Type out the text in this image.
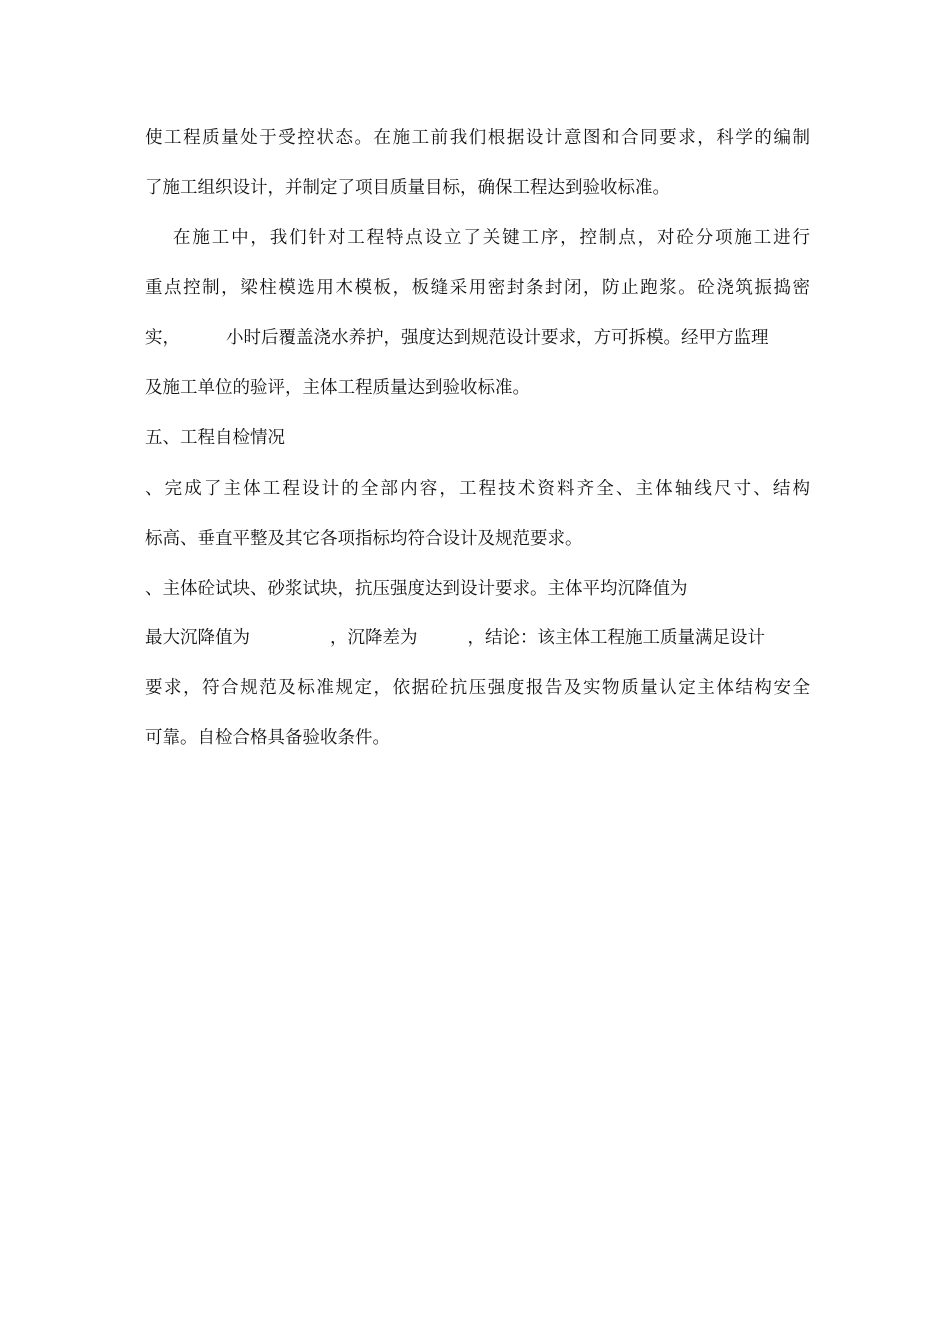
使工程质量处于受控状态。在施工前我们根据设计意图和合同要求，科学的编制
了施工组织设计，并制定了项目质量目标，确保工程达到验收标准。
在施工中，我们针对工程特点设立了关键工序，控制点，对砼分项施工进行
重点控制，梁柱模选用木模板，板缝采用密封条封闭，防止跑浆。砼浇筑振捣密
实，	小时后覆盖浇水养护，强度达到规范设计要求，方可拆模。经甲方监理
及施工单位的验评，主体工程质量达到验收标准。
五、工程自检情况
、完成了主体工程设计的全部内容，工程技术资料齐全、主体轴线尺寸、结构
标高、垂直平整及其它各项指标均符合设计及规范要求。
、主体砼试块、砂浆试块，抗压强度达到设计要求。主体平均沉降值为
最大沉降值为	，沉降差为	，结论：该主体工程施工质量满足设计
要求，符合规范及标准规定，依据砼抗压强度报告及实物质量认定主体结构安全
可靠。自检合格具备验收条件。
